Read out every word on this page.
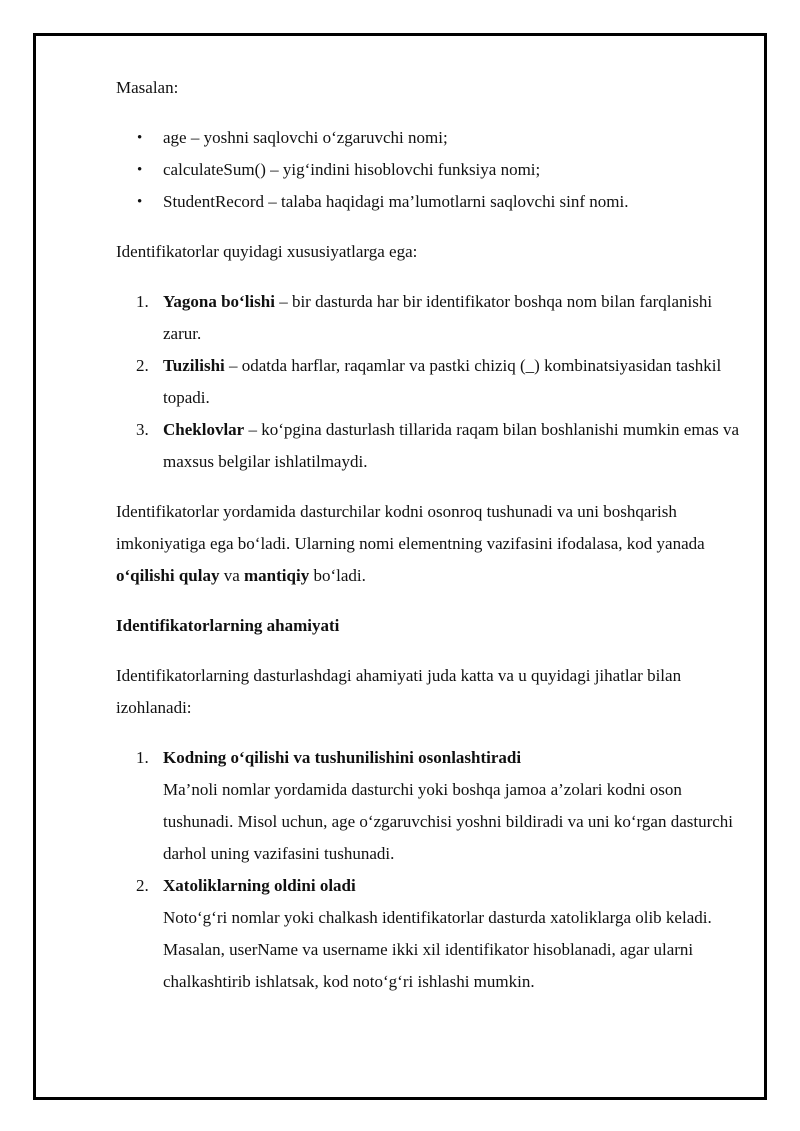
Masalan:

• age – yoshni saqlovchi o‘zgaruvchi nomi;
• calculateSum() – yig‘indini hisoblovchi funksiya nomi;
• StudentRecord – talaba haqidagi ma’lumotlarni saqlovchi sinf nomi.

Identifikatorlar quyidagi xususiyatlarga ega:

1. Yagona bo‘lishi – bir dasturda har bir identifikator boshqa nom bilan farqlanishi zarur.
2. Tuzilishi – odatda harflar, raqamlar va pastki chiziq (_) kombinatsiyasidan tashkil topadi.
3. Cheklovlar – ko‘pgina dasturlash tillarida raqam bilan boshlanishi mumkin emas va maxsus belgilar ishlatilmaydi.

Identifikatorlar yordamida dasturchilar kodni osonroq tushunadi va uni boshqarish imkoniyatiga ega bo‘ladi. Ularning nomi elementning vazifasini ifodalasa, kod yanada o‘qilishi qulay va mantiqiy bo‘ladi.

Identifikatorlarning ahamiyati

Identifikatorlarning dasturlashdagi ahamiyati juda katta va u quyidagi jihatlar bilan izohlanadi:

1. Kodning o‘qilishi va tushunilishini osonlashtiradi
Ma’noli nomlar yordamida dasturchi yoki boshqa jamoa a’zolari kodni oson tushunadi. Misol uchun, age o‘zgaruvchisi yoshni bildiradi va uni ko‘rgan dasturchi darhol uning vazifasini tushunadi.
2. Xatoliklarning oldini oladi
Noto‘g‘ri nomlar yoki chalkash identifikatorlar dasturda xatoliklarga olib keladi. Masalan, userName va username ikki xil identifikator hisoblanadi, agar ularni chalkashtirib ishlatsak, kod noto‘g‘ri ishlashi mumkin.
